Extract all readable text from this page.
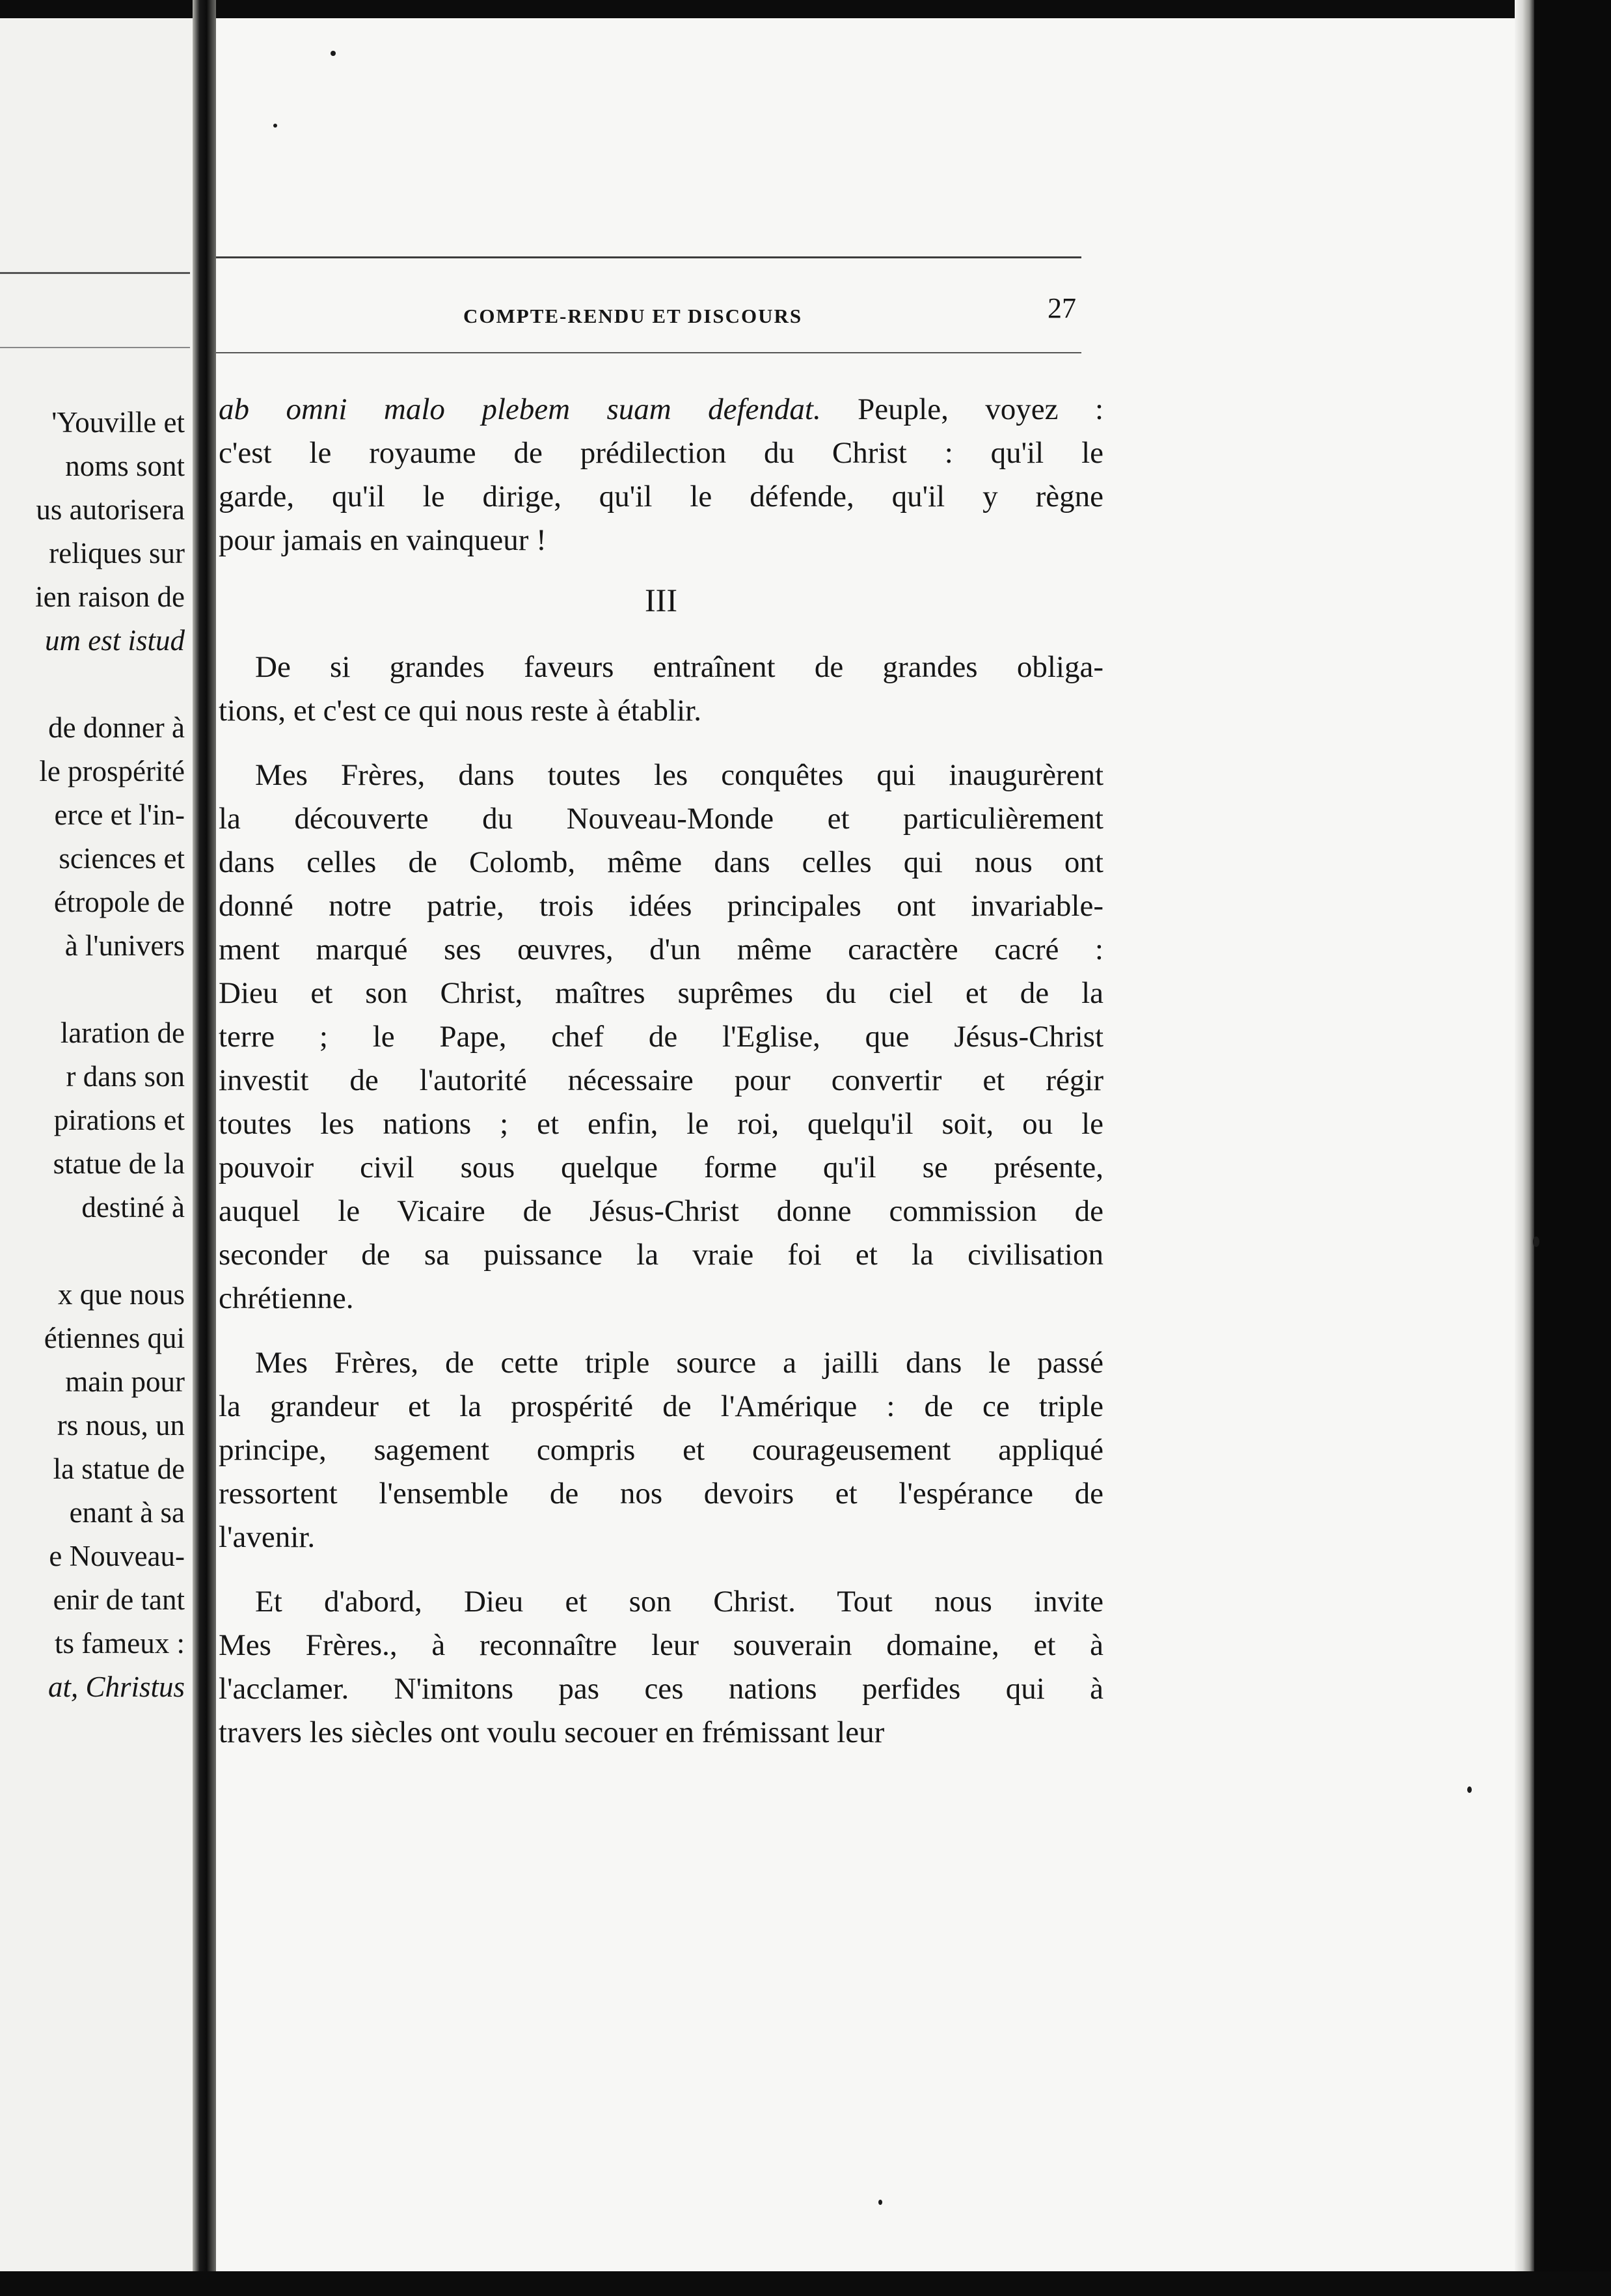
'Youville et
noms sont
us autorisera
reliques sur
ien raison de
um est istud
de donner à
le prospérité
erce et l'in-
sciences et
étropole de
à l'univers
laration de
r dans son
pirations et
statue de la
destiné à
x que nous
étiennes qui
main pour
rs nous, un
la statue de
enant à sa
e Nouveau-
enir de tant
ts fameux :
at, Christus
COMPTE-RENDU ET DISCOURS	27
ab omni malo plebem suam defendat. Peuple, voyez :
c'est le royaume de prédilection du Christ : qu'il le
garde, qu'il le dirige, qu'il le défende, qu'il y règne
pour jamais en vainqueur !
III
De si grandes faveurs entraînent de grandes obliga-
tions, et c'est ce qui nous reste à établir.
Mes Frères, dans toutes les conquêtes qui inaugurèrent
la découverte du Nouveau-Monde et particulièrement
dans celles de Colomb, même dans celles qui nous ont
donné notre patrie, trois idées principales ont invariable-
ment marqué ses œuvres, d'un même caractère cacré :
Dieu et son Christ, maîtres suprêmes du ciel et de la
terre ; le Pape, chef de l'Eglise, que Jésus-Christ
investit de l'autorité nécessaire pour convertir et régir
toutes les nations ; et enfin, le roi, quelqu'il soit, ou le
pouvoir civil sous quelque forme qu'il se présente,
auquel le Vicaire de Jésus-Christ donne commission de
seconder de sa puissance la vraie foi et la civilisation
chrétienne.
Mes Frères, de cette triple source a jailli dans le passé
la grandeur et la prospérité de l'Amérique : de ce triple
principe, sagement compris et courageusement appliqué
ressortent l'ensemble de nos devoirs et l'espérance de
l'avenir.
Et d'abord, Dieu et son Christ. Tout nous invite
Mes Frères., à reconnaître leur souverain domaine, et à
l'acclamer. N'imitons pas ces nations perfides qui à
travers les siècles ont voulu secouer en frémissant leur
